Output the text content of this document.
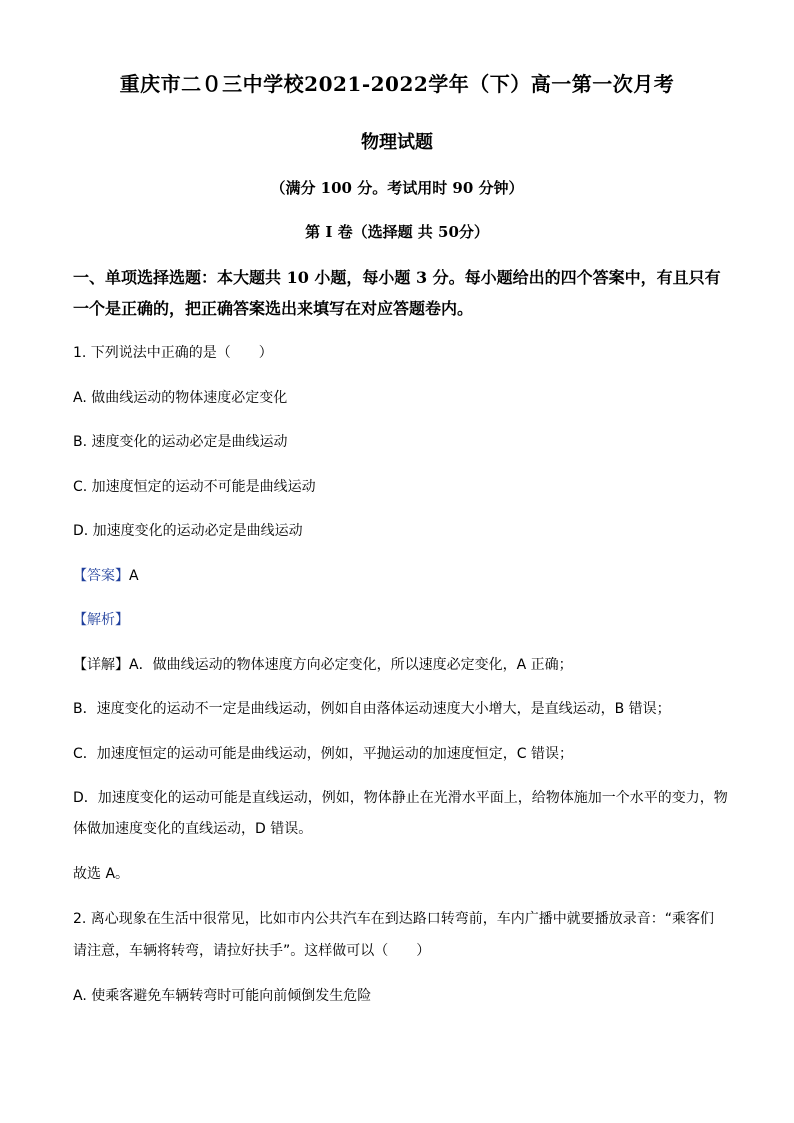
重庆市二０三中学校2021-2022学年（下）高一第一次月考
物理试题
（满分 100 分。考试用时 90 分钟）
第 I 卷（选择题 共 50分）
一、单项选择选题：本大题共 10 小题，每小题 3 分。每小题给出的四个答案中，有且只有
一个是正确的，把正确答案选出来填写在对应答题卷内。
1. 下列说法中正确的是（　　）
A. 做曲线运动的物体速度必定变化
B. 速度变化的运动必定是曲线运动
C. 加速度恒定的运动不可能是曲线运动
D. 加速度变化的运动必定是曲线运动
【答案】A
【解析】
【详解】A．做曲线运动的物体速度方向必定变化，所以速度必定变化，A 正确；
B．速度变化的运动不一定是曲线运动，例如自由落体运动速度大小增大，是直线运动，B 错误；
C．加速度恒定的运动可能是曲线运动，例如，平抛运动的加速度恒定，C 错误；
D．加速度变化的运动可能是直线运动，例如，物体静止在光滑水平面上，给物体施加一个水平的变力，物
体做加速度变化的直线运动，D 错误。
故选 A。
2. 离心现象在生活中很常见，比如市内公共汽车在到达路口转弯前，车内广播中就要播放录音：“乘客们
请注意，车辆将转弯，请拉好扶手”。这样做可以（　　）
A. 使乘客避免车辆转弯时可能向前倾倒发生危险
